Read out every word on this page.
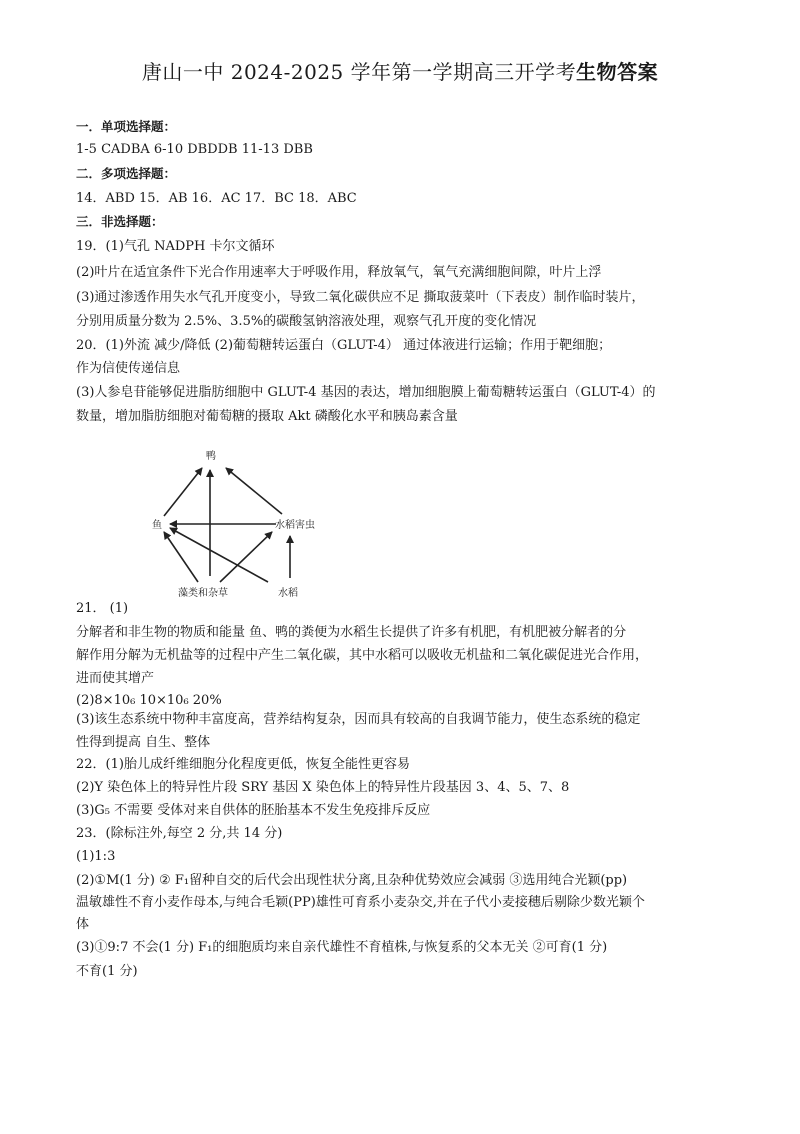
唐山一中 2024-2025 学年第一学期高三开学考生物答案
一．单项选择题：
1-5 CADBA 6-10 DBDDB 11-13 DBB
二．多项选择题：
14．ABD 15．AB 16．AC 17．BC 18．ABC
三．非选择题：
19．(1)气孔 NADPH 卡尔文循环
(2)叶片在适宜条件下光合作用速率大于呼吸作用，释放氧气，氧气充满细胞间隙，叶片上浮
(3)通过渗透作用失水气孔开度变小，导致二氧化碳供应不足 撕取菠菜叶（下表皮）制作临时装片，
分别用质量分数为 2.5%、3.5%的碳酸氢钠溶液处理，观察气孔开度的变化情况
20．(1)外流 减少/降低 (2)葡萄糖转运蛋白（GLUT-4） 通过体液进行运输；作用于靶细胞；
作为信使传递信息
(3)人参皂苷能够促进脂肪细胞中 GLUT-4 基因的表达，增加细胞膜上葡萄糖转运蛋白（GLUT-4）的
数量，增加脂肪细胞对葡萄糖的摄取 Akt 磷酸化水平和胰岛素含量
鸭
鱼	水稻害虫
藻类和杂草	水稻
21． (1)
分解者和非生物的物质和能量 鱼、鸭的粪便为水稻生长提供了许多有机肥，有机肥被分解者的分
解作用分解为无机盐等的过程中产生二氧化碳，其中水稻可以吸收无机盐和二氧化碳促进光合作用，
进而使其增产
(2)8×10₆ 10×10₆ 20%
(3)该生态系统中物种丰富度高，营养结构复杂，因而具有较高的自我调节能力，使生态系统的稳定
性得到提高 自生、整体
22．(1)胎儿成纤维细胞分化程度更低，恢复全能性更容易
(2)Y 染色体上的特异性片段 SRY 基因 X 染色体上的特异性片段基因 3、4、5、7、8
(3)G₅ 不需要 受体对来自供体的胚胎基本不发生免疫排斥反应
23．(除标注外,每空 2 分,共 14 分)
(1)1:3
(2)①M(1 分) ② F₁留种自交的后代会出现性状分离,且杂种优势效应会减弱 ③选用纯合光颖(pp)
温敏雄性不育小麦作母本,与纯合毛颖(PP)雄性可育系小麦杂交,并在子代小麦接穗后剔除少数光颖个
体
(3)①9:7 不会(1 分) F₁的细胞质均来自亲代雄性不育植株,与恢复系的父本无关 ②可育(1 分)
不育(1 分)
